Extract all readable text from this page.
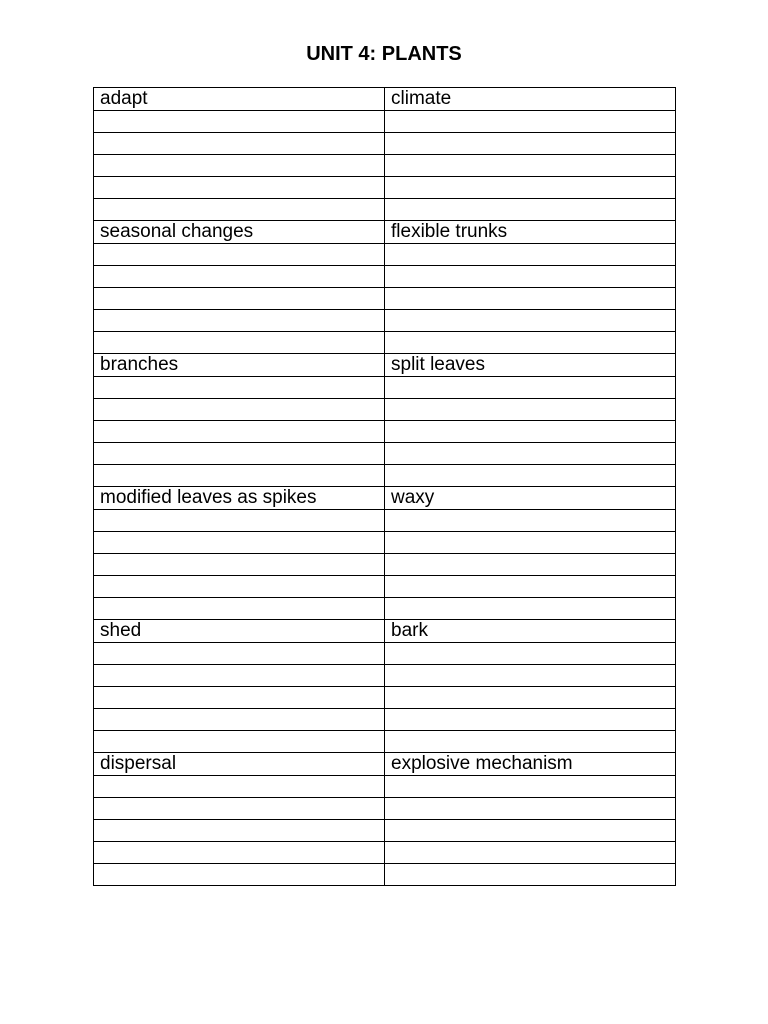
UNIT 4: PLANTS
adapt	climate

seasonal changes	flexible trunks

branches	split leaves

modified leaves as spikes	waxy

shed	bark

dispersal	explosive mechanism
